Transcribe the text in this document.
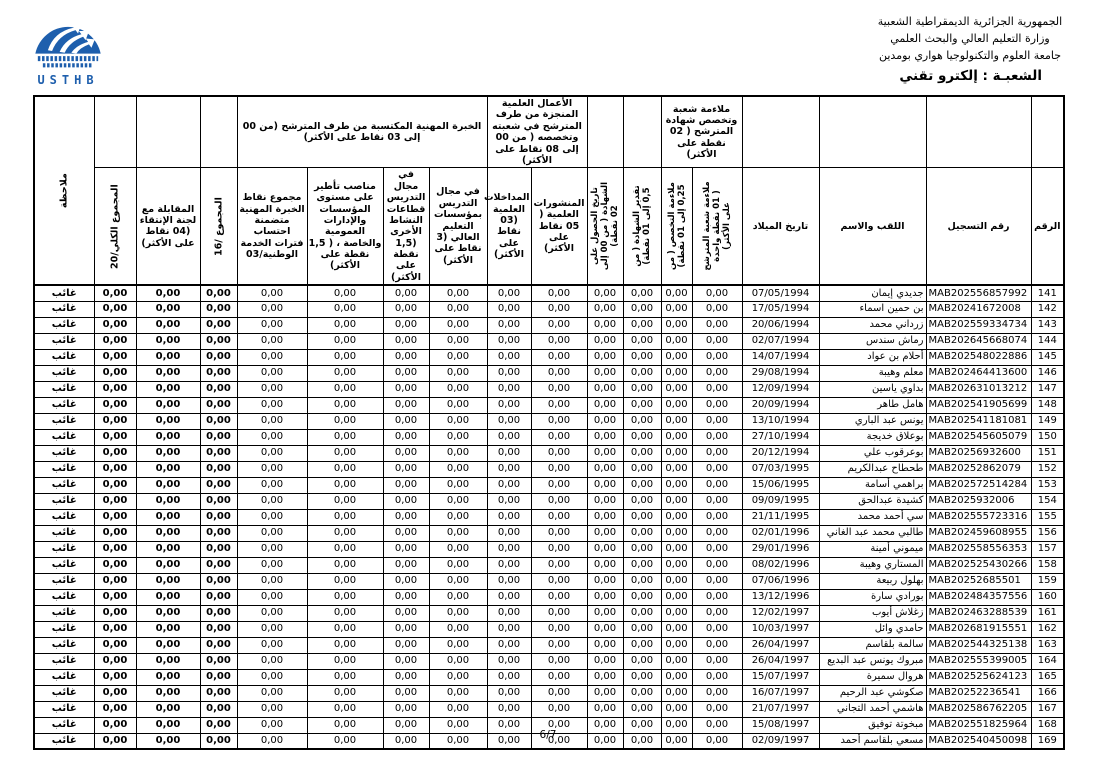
الجمهورية الجزائرية الديمقراطية الشعبية
وزارة التعليم العالي والبحث العلمي
جامعة العلوم والتكنولوجيا هواري بومدين
USTHB	الشعبـة : إلكترو تقني
				ملاءمة شعبة وتخصص شهادة المترشح ( 02 نقطة على الأكثر)				الأعمال العلمية المنجزة من طرف المترشح في شعبته وتخصصه ( من 00 إلى 08 نقاط على الأكثر)		الخبرة المهنية المكتسبة من طرف المترشح (من 00 إلى 03 نقاط على الأكثر)							ملاحظة

الرقم	رقم التسجيل	اللقب والاسم	تاريخ الميلاد	ملاءمة شعبة المترشح ( 01 نقطة واحدة على الأكثر)	ملاءمة التخصص ( من 0,25 إلى 01 نقطة)	تقدير الشهادة ( من 0,5 إلى 01 نقطة)	تاريخ الحصول على الشهادة ( من 00 إلى 02 نقطة)	المنشورات العلمية ( 05 نقاط على الأكثر)	المداخلات العلمية (03 نقاط على الأكثر)	في مجال التدريس بمؤسسات التعليم العالي (3 نقاط على الأكثر)	في مجال التدريس قطاعات النشاط الأخرى (1,5 نقطة على الأكثر)	مناصب تأطير على مستوى المؤسسات والإدارات العمومية والخاصة ، ( 1,5 نقطة على الأكثر)	مجموع نقاط الخبرة المهنية متضمنة احتساب فترات الخدمة الوطنية/03	المجموع /16	المقابلة مع لجنة الإنتقاء (04 نقاط على الأكثر)	المجموع الكلي/20	

141	MAB202556857992	جديدي إيمان	07/05/1994	0,00	0,00	0,00	0,00	0,00	0,00	0,00	0,00	0,00	0,00	0,00	0,00	0,00	غائب
142	MAB20241672008	بن حمين اسماء	17/05/1994	0,00	0,00	0,00	0,00	0,00	0,00	0,00	0,00	0,00	0,00	0,00	0,00	0,00	غائب
143	MAB202559334734	زرداني محمد	20/06/1994	0,00	0,00	0,00	0,00	0,00	0,00	0,00	0,00	0,00	0,00	0,00	0,00	0,00	غائب
144	MAB202645668074	رماش سندس	02/07/1994	0,00	0,00	0,00	0,00	0,00	0,00	0,00	0,00	0,00	0,00	0,00	0,00	0,00	غائب
145	MAB202548022886	أحلام بن عواد	14/07/1994	0,00	0,00	0,00	0,00	0,00	0,00	0,00	0,00	0,00	0,00	0,00	0,00	0,00	غائب
146	MAB202464413600	معلم وهيبة	29/08/1994	0,00	0,00	0,00	0,00	0,00	0,00	0,00	0,00	0,00	0,00	0,00	0,00	0,00	غائب
147	MAB202631013212	بداوي ياسين	12/09/1994	0,00	0,00	0,00	0,00	0,00	0,00	0,00	0,00	0,00	0,00	0,00	0,00	0,00	غائب
148	MAB202541905699	هامل طاهر	20/09/1994	0,00	0,00	0,00	0,00	0,00	0,00	0,00	0,00	0,00	0,00	0,00	0,00	0,00	غائب
149	MAB202541181081	يونس عبد الباري	13/10/1994	0,00	0,00	0,00	0,00	0,00	0,00	0,00	0,00	0,00	0,00	0,00	0,00	0,00	غائب
150	MAB202545605079	بوعلاق خديجة	27/10/1994	0,00	0,00	0,00	0,00	0,00	0,00	0,00	0,00	0,00	0,00	0,00	0,00	0,00	غائب
151	MAB20256932600	بوعرقوب علي	20/12/1994	0,00	0,00	0,00	0,00	0,00	0,00	0,00	0,00	0,00	0,00	0,00	0,00	0,00	غائب
152	MAB20252862079	طحطاح عبدالكريم	07/03/1995	0,00	0,00	0,00	0,00	0,00	0,00	0,00	0,00	0,00	0,00	0,00	0,00	0,00	غائب
153	MAB202572514284	براهمي أسامة	15/06/1995	0,00	0,00	0,00	0,00	0,00	0,00	0,00	0,00	0,00	0,00	0,00	0,00	0,00	غائب
154	MAB2025932006	كشيدة عبدالحق	09/09/1995	0,00	0,00	0,00	0,00	0,00	0,00	0,00	0,00	0,00	0,00	0,00	0,00	0,00	غائب
155	MAB202555723316	سي أحمد محمد	21/11/1995	0,00	0,00	0,00	0,00	0,00	0,00	0,00	0,00	0,00	0,00	0,00	0,00	0,00	غائب
156	MAB202459608955	طالبي محمد عبد الغاني	02/01/1996	0,00	0,00	0,00	0,00	0,00	0,00	0,00	0,00	0,00	0,00	0,00	0,00	0,00	غائب
157	MAB202558556353	ميموني أمينة	29/01/1996	0,00	0,00	0,00	0,00	0,00	0,00	0,00	0,00	0,00	0,00	0,00	0,00	0,00	غائب
158	MAB202525430266	المستاري وهيبة	08/02/1996	0,00	0,00	0,00	0,00	0,00	0,00	0,00	0,00	0,00	0,00	0,00	0,00	0,00	غائب
159	MAB20252685501	بهلول ربيعة	07/06/1996	0,00	0,00	0,00	0,00	0,00	0,00	0,00	0,00	0,00	0,00	0,00	0,00	0,00	غائب
160	MAB202484357556	بورادي سارة	13/12/1996	0,00	0,00	0,00	0,00	0,00	0,00	0,00	0,00	0,00	0,00	0,00	0,00	0,00	غائب
161	MAB202463288539	زغلاش أيوب	12/02/1997	0,00	0,00	0,00	0,00	0,00	0,00	0,00	0,00	0,00	0,00	0,00	0,00	0,00	غائب
162	MAB202681915551	حامدي وائل	10/03/1997	0,00	0,00	0,00	0,00	0,00	0,00	0,00	0,00	0,00	0,00	0,00	0,00	0,00	غائب
163	MAB202544325138	سالمة بلقاسم	26/04/1997	0,00	0,00	0,00	0,00	0,00	0,00	0,00	0,00	0,00	0,00	0,00	0,00	0,00	غائب
164	MAB202555399005	مبروك يونس عبد البديع	26/04/1997	0,00	0,00	0,00	0,00	0,00	0,00	0,00	0,00	0,00	0,00	0,00	0,00	0,00	غائب
165	MAB202525624123	هروال سميرة	15/07/1997	0,00	0,00	0,00	0,00	0,00	0,00	0,00	0,00	0,00	0,00	0,00	0,00	0,00	غائب
166	MAB20252236541	صكوشي عبد الرحيم	16/07/1997	0,00	0,00	0,00	0,00	0,00	0,00	0,00	0,00	0,00	0,00	0,00	0,00	0,00	غائب
167	MAB202586762205	هاشمي أحمد التجاني	21/07/1997	0,00	0,00	0,00	0,00	0,00	0,00	0,00	0,00	0,00	0,00	0,00	0,00	0,00	غائب
168	MAB202551825964	مبخوتة توفيق	15/08/1997	0,00	0,00	0,00	0,00	0,00	0,00	0,00	0,00	0,00	0,00	0,00	0,00	0,00	غائب
169	MAB202540450098	مسعي بلقاسم أحمد	02/09/1997	0,00	0,00	0,00	0,00	0,00	0,00	0,00	0,00	0,00	0,00	0,00	0,00	0,00	غائب	6/7
